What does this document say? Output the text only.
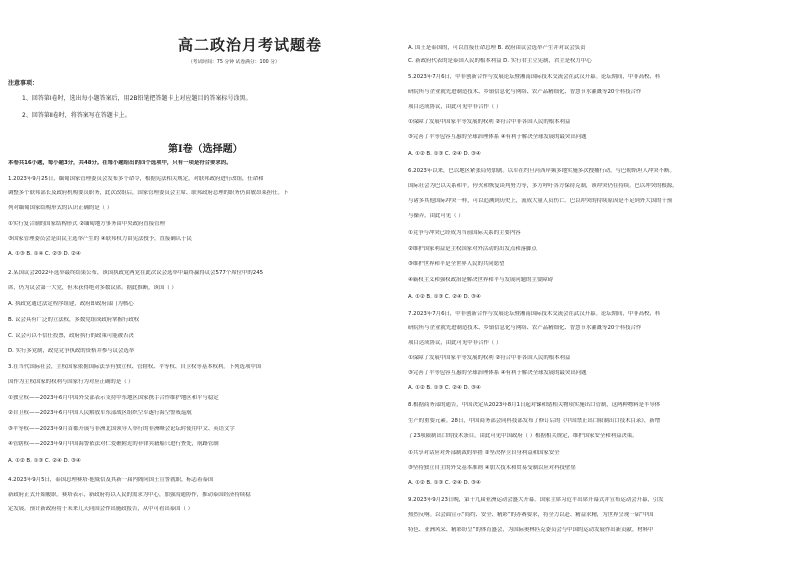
高二政治月考试题卷
（考试时间：75 分钟 试卷满分：100 分）
注意事项：
1、回答第Ⅰ卷时，选出每小题答案后，用2B铅笔把答题卡上对应题目的答案标号涂黑。
2、回答第Ⅱ卷时，将答案写在答题卡上。
第Ⅰ卷（选择题）
本卷共16小题，每小题3分，共48分。在每小题给出的四个选项中，只有一项是符合要求的。
1.2023年9月25日，缅甸国家管理委员会发布多个命令，根据宪法相关规定，对联邦政府进行改组，任命和
调整多个联邦部长及政府机构要员职务，此次改组后，国家管理委员会主席、联邦政府总理的职务仍由敏昂莱担任。下
列对缅甸国家结构形式的认识正确的是（ ）
①实行复合制的国家结构形式 ②缅甸地方事务由中央政府直接管理
③国家管理委员会是由民主选举产生的 ④联邦权力由宪法授予，直接确认于民
A. ①③ B. ①④ C. ②③ D. ②④
2.某国议会2022年选举最终结果公布，该国执政党两党在此次议会选举中最终赢得议会577个席位中的245
席，仍为议会第一大党，但未获得绝对多数议席。据此推断，该国（ ）
A. 执政党通过法定程序组建，政府即政府部门为核心
B. 议会具有广泛的立法权，多数党组成政府掌握行政权
C. 议会可以不信任投票，政府执行的政策可能被否决
D. 实行多党制，政党竞争执政的资格并参与议会选举
3.在当代国际社会，主权国家依据国际法享有独立权、管辖权、平等权、自卫权等基本权利。下列选项中国
国作为主权国家的权利与国家行为对应正确的是（ ）
①独立权——2023年6月中国外交部表示支持中东地区国家携手合作维护地区和平与稳定
②自卫权——2023年6月中国人民解放军东部战区组织空军遂行海空警戒巡航
③平等权——2023年9月首都开展与非洲北国领导人举行的非洲峰会论坛时使用中文、英语文字
④管辖权——2023年9月中国海警依法对仁爱礁附近的菲律宾籍船只进行查处，航路管制
A. ①② B. ①③ C. ②④ D. ③④
4.2023年9月5日，泰国总理赛塔·他威信及其新一届内阁向国王宣誓就职，标志着泰国
新政府正式开始履职。赛塔表示，新政府将以人民的需求为中心，加强沟通协作，推动泰国经济持续稳
定发展。预计新政府将于未来几天同国会作出施政报告，从中可看出泰国（ ）
A. 国王是泰国的，可以直接任命总理 B. 政府由议会选举产生并对议会负责
C. 新政府代表的是泰国人民的根本利益 D. 实行君主立宪制，君主是权力中心
5.2023年7月6日，中非创新合作与发展论坛暨湘南国际技术交流会在武汉开幕。论坛期间，中非高校、科
研院所与企业就先进制造技术、乡镇信息化与网络、农产品精细化、智慧节水灌溉等20个科技合作
项目达成协议，由此可见中非合作（ ）
①保障了发展中国家平等发展的权利 ②符合中非各国人民的根本利益
③完善了平等包容互惠的全球治理体系 ④有利于解决全球发展的最突出问题
A. ①② B. ①③ C. ②④ D. ③④
6.2023年以来，巴以地区紧张局势加剧。以军在约旦河西岸频多地实施多次搜捕行动，与巴勒斯坦人冲突不断。
国际社会为巴以关系和平，停火和恢复谈判努力等，多方呼吁各方保持克制，该冲突仍在持续。巴以冲突的根源，
与诸多其他国际冲突一样，可以追溯到历史上，流成大量人员伤亡。巴以冲突的持续原因是不足到外大国的干预
与操弄，由此可见（ ）
①竞争与冲突已经成为当前国际关系的主要内容
②维护国家利益是主权国家对外活动的出发点和落脚点
③维护世界和平是全世界人民的共同愿望
④霸权主义和强权政治是解决世界和平与发展问题的主要障碍
A. ①② B. ①③ C. ②④ D. ③④
7.2023年7月6日，中非创新合作与发展论坛暨湘南国际技术交流会在武汉开幕。论坛期间，中非高校、科
研院所与企业就先进制造技术、乡镇信息化与网络、农产品精细化、智慧节水灌溉等20个科技合作
项目达成协议，由此可见中非合作（ ）
①保障了发展中国家平等发展的权利 ②符合中非各国人民的根本利益
③完善了平等包容互惠的全球治理体系 ④有利于解决全球发展的最突出问题
A. ①② B. ①③ C. ②④ D. ③④
8.根据商务部的通告，中国决定从2023年8月1日起对锑和锗相关物项实施出口管制，这两种物料是半导体
生产的重要元素。28日，中国商务部会同科技部发布了修订后的《中国禁止出口限制出口技术目录》，新增
了23项限制出口的技术条目。由此可见中国政府（ ）根据相关规定，维护国家安全和利益决策。
①共享对话应对外部制裁的举措 ②坚决捍卫自身利益和国家安全
③坚持独立自主的外交基本准则 ④加大技术和贸易受制以应对科技壁垒
A. ①② B. ①③ C. ②④ D. ③④
9.2023年9月23日晚，第十九届亚洲运动会盛大开幕。国家主席习近平出席开幕式并宣布运动会开幕，引发
热烈反响。以会面宣示“简约、安全、精彩”的办赛要求，将全力以赴、精益求精，为世界呈现一届“中国
特色、亚洲风采、精彩纷呈”的体育盛会，为国际奥林匹克委员会与中国的运动发展作出新贡献。材料中
